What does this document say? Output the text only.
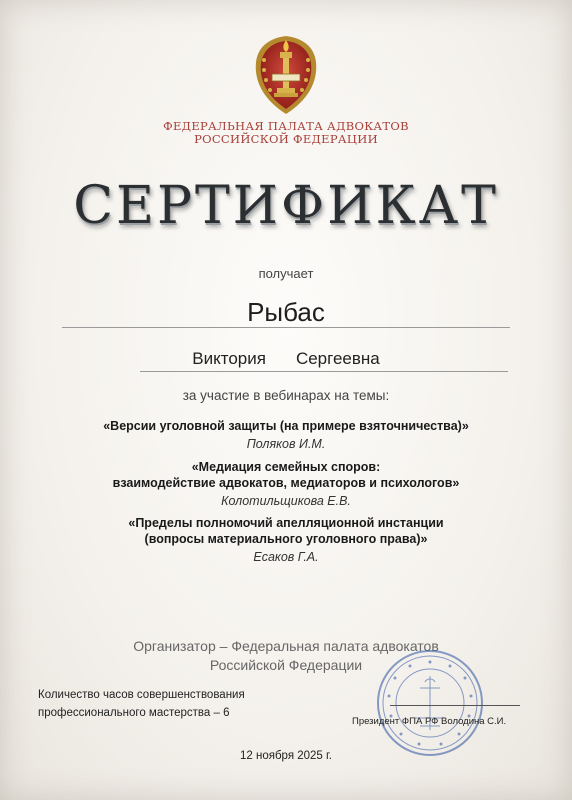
ФЕДЕРАЛЬНАЯ ПАЛАТА АДВОКАТОВ
РОССИЙСКОЙ ФЕДЕРАЦИИ
СЕРТИФИКАТ
получает
Рыбас
Виктория Сергеевна
за участие в вебинарах на темы:
«Версии уголовной защиты (на примере взяточничества)»
Поляков И.М.
«Медиация семейных споров:
взаимодействие адвокатов, медиаторов и психологов»
Колотильщикова Е.В.
«Пределы полномочий апелляционной инстанции
(вопросы материального уголовного права)»
Есаков Г.А.
Организатор – Федеральная палата адвокатов
Российской Федерации
Количество часов совершенствования
профессионального мастерства – 6
Президент ФПА РФ Володина С.И.
12 ноября 2025 г.
